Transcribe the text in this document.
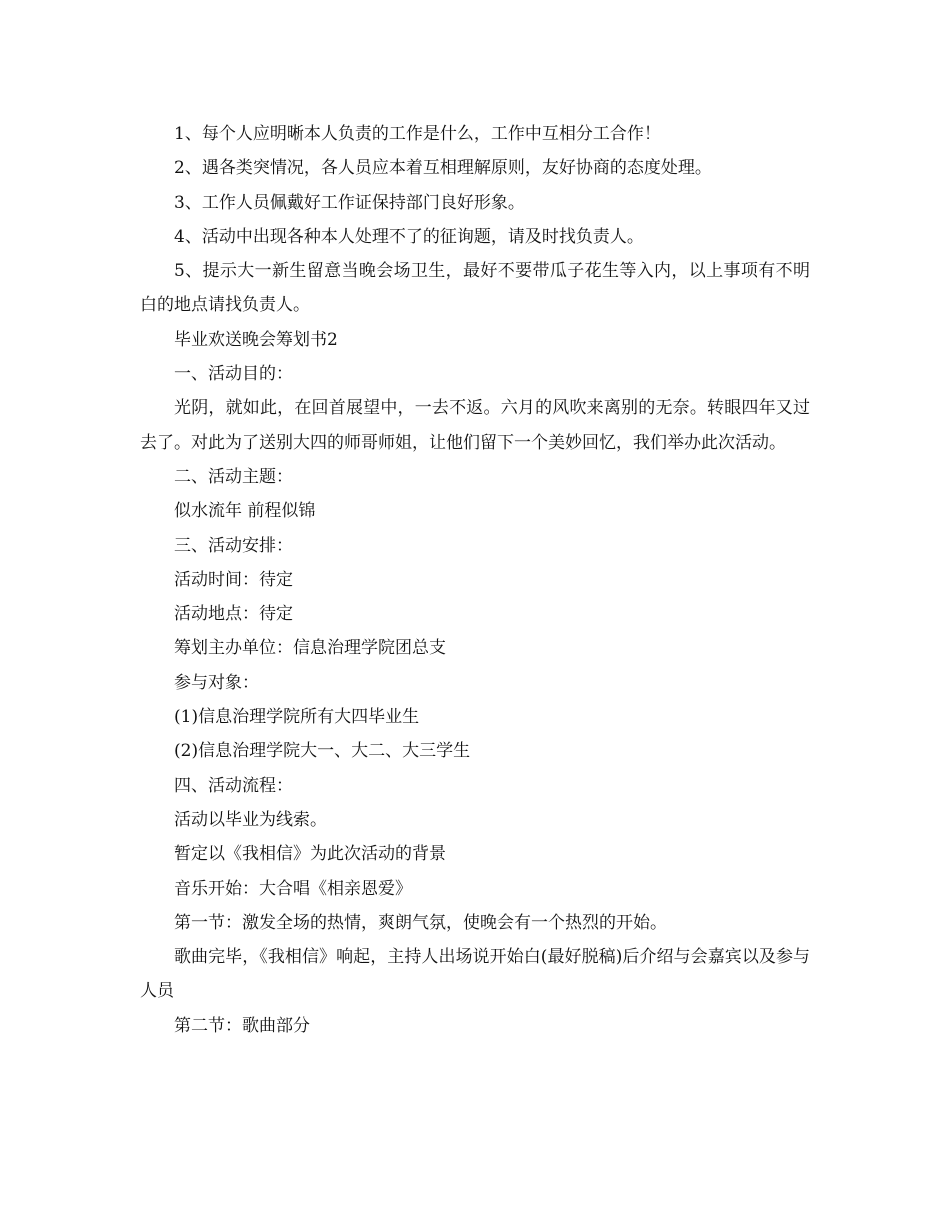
1、每个人应明晰本人负责的工作是什么，工作中互相分工合作！

2、遇各类突情况，各人员应本着互相理解原则，友好协商的态度处理。

3、工作人员佩戴好工作证保持部门良好形象。

4、活动中出现各种本人处理不了的征询题，请及时找负责人。

5、提示大一新生留意当晚会场卫生，最好不要带瓜子花生等入内，以上事项有不明白的地点请找负责人。

毕业欢送晚会筹划书2

一、活动目的：

光阴，就如此，在回首展望中，一去不返。六月的风吹来离别的无奈。转眼四年又过去了。对此为了送别大四的师哥师姐，让他们留下一个美妙回忆，我们举办此次活动。

二、活动主题：

似水流年 前程似锦

三、活动安排：

活动时间：待定

活动地点：待定

筹划主办单位：信息治理学院团总支

参与对象：

(1)信息治理学院所有大四毕业生

(2)信息治理学院大一、大二、大三学生

四、活动流程：

活动以毕业为线索。

暂定以《我相信》为此次活动的背景

音乐开始：大合唱《相亲恩爱》

第一节：激发全场的热情，爽朗气氛，使晚会有一个热烈的开始。

歌曲完毕，《我相信》响起，主持人出场说开始白(最好脱稿)后介绍与会嘉宾以及参与人员

第二节：歌曲部分
